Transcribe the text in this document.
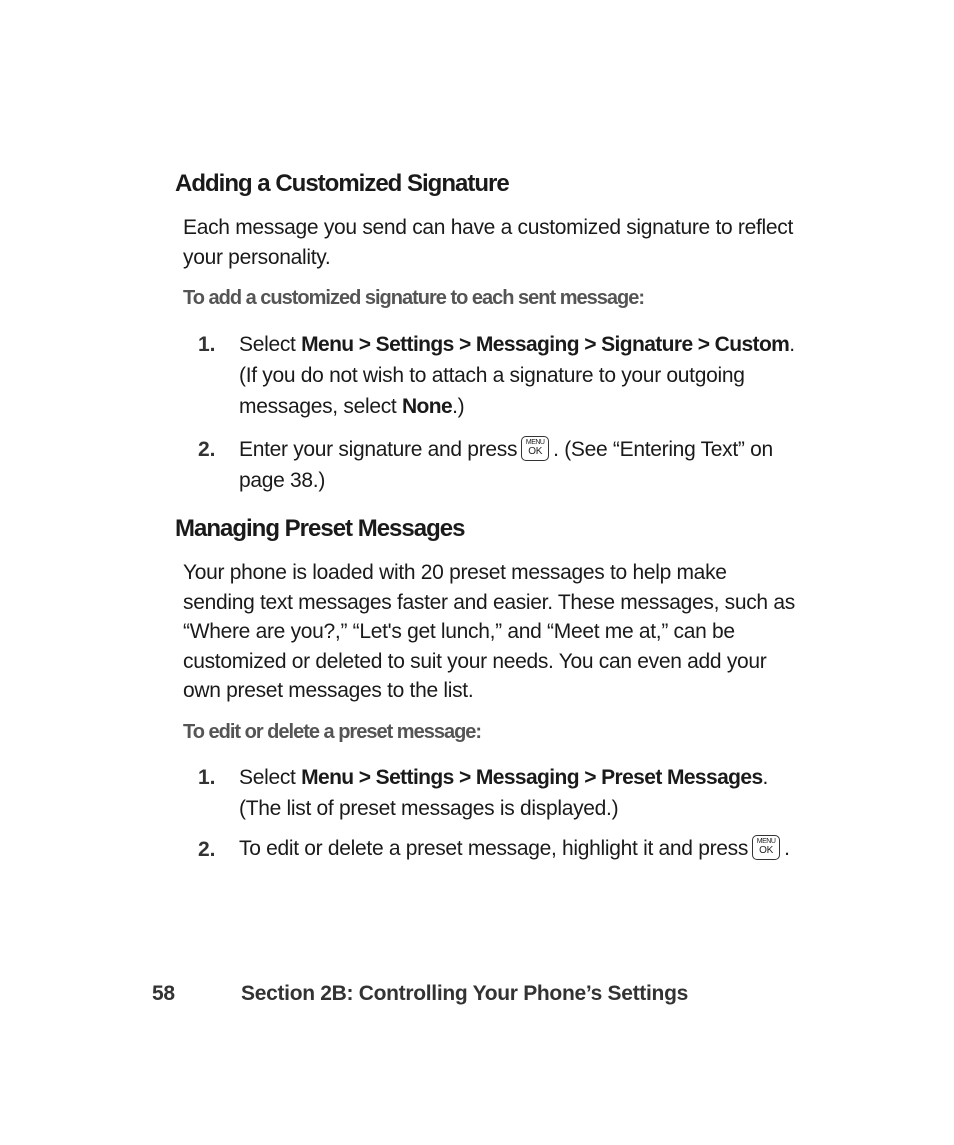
Adding a Customized Signature

Each message you send can have a customized signature to reflect your personality.

To add a customized signature to each sent message:

1. Select Menu > Settings > Messaging > Signature > Custom. (If you do not wish to attach a signature to your outgoing messages, select None.)
2. Enter your signature and press	MENU
OK . (See “Entering Text” on page 38.)
Managing Preset Messages

Your phone is loaded with 20 preset messages to help make sending text messages faster and easier. These messages, such as “Where are you?,” “Let's get lunch,” and “Meet me at,” can be customized or deleted to suit your needs. You can even add your own preset messages to the list.

To edit or delete a preset message:

1. Select Menu > Settings > Messaging > Preset Messages. (The list of preset messages is displayed.)
2. To edit or delete a preset message, highlight it and press	MENU
OK .
58	Section 2B: Controlling Your Phone’s Settings
